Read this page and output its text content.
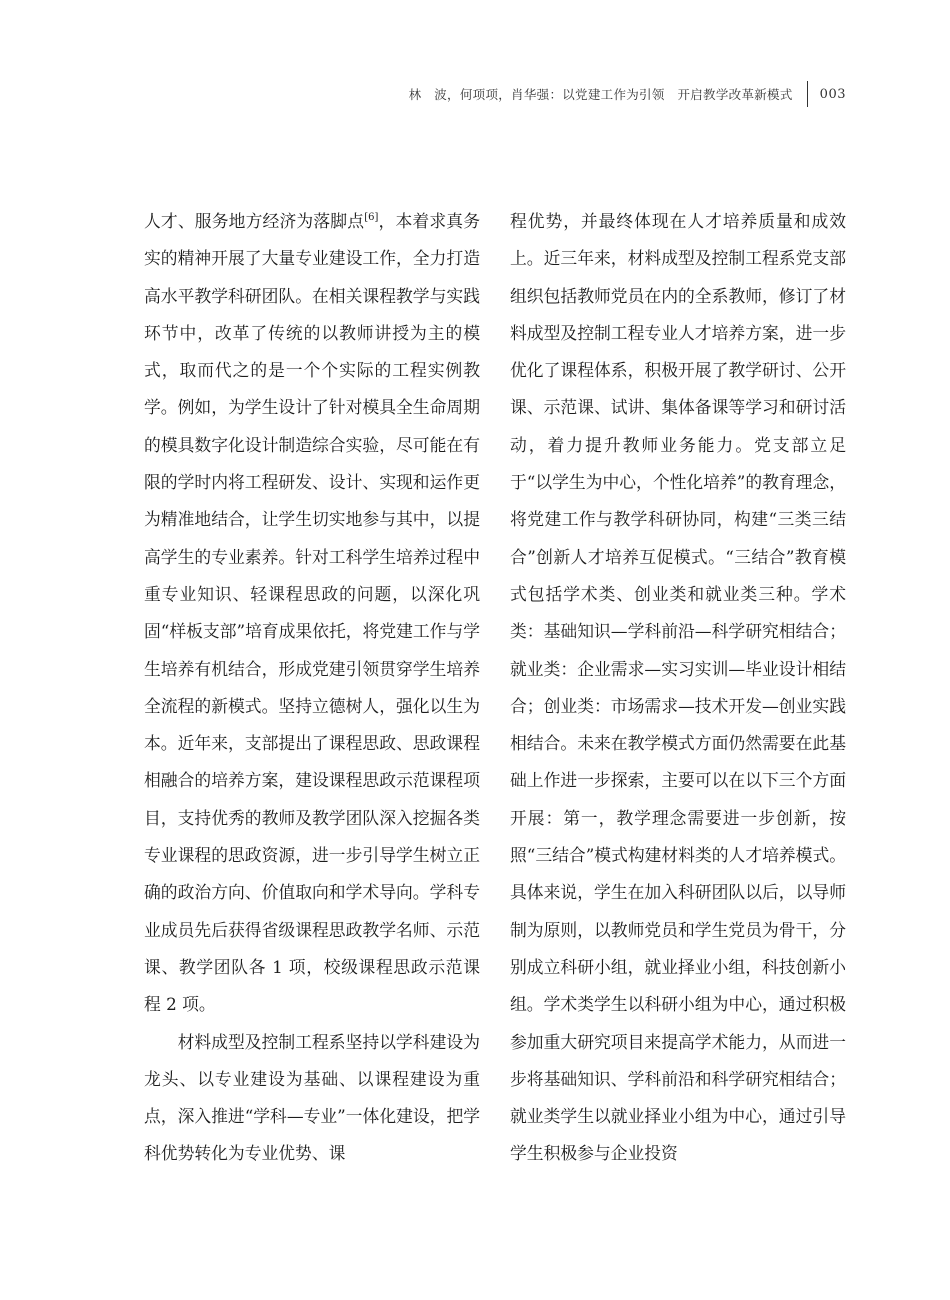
林　波，何项项，肖华强：以党建工作为引领　开启教学改革新模式 003

人才、服务地方经济为落脚点[6]，本着求真务实的精神开展了大量专业建设工作，全力打造高水平教学科研团队。在相关课程教学与实践环节中，改革了传统的以教师讲授为主的模式，取而代之的是一个个实际的工程实例教学。例如，为学生设计了针对模具全生命周期的模具数字化设计制造综合实验，尽可能在有限的学时内将工程研发、设计、实现和运作更为精准地结合，让学生切实地参与其中，以提高学生的专业素养。针对工科学生培养过程中重专业知识、轻课程思政的问题，以深化巩固“样板支部”培育成果依托，将党建工作与学生培养有机结合，形成党建引领贯穿学生培养全流程的新模式。坚持立德树人，强化以生为本。近年来，支部提出了课程思政、思政课程相融合的培养方案，建设课程思政示范课程项目，支持优秀的教师及教学团队深入挖掘各类专业课程的思政资源，进一步引导学生树立正确的政治方向、价值取向和学术导向。学科专业成员先后获得省级课程思政教学名师、示范课、教学团队各 1 项，校级课程思政示范课程 2 项。

材料成型及控制工程系坚持以学科建设为龙头、以专业建设为基础、以课程建设为重点，深入推进“学科—专业”一体化建设，把学科优势转化为专业优势、课

程优势，并最终体现在人才培养质量和成效上。近三年来，材料成型及控制工程系党支部组织包括教师党员在内的全系教师，修订了材料成型及控制工程专业人才培养方案，进一步优化了课程体系，积极开展了教学研讨、公开课、示范课、试讲、集体备课等学习和研讨活动，着力提升教师业务能力。党支部立足于“以学生为中心，个性化培养”的教育理念，将党建工作与教学科研协同，构建“三类三结合”创新人才培养互促模式。“三结合”教育模式包括学术类、创业类和就业类三种。学术类：基础知识—学科前沿—科学研究相结合；就业类：企业需求—实习实训—毕业设计相结合；创业类：市场需求—技术开发—创业实践相结合。未来在教学模式方面仍然需要在此基础上作进一步探索，主要可以在以下三个方面开展：第一，教学理念需要进一步创新，按照“三结合”模式构建材料类的人才培养模式。具体来说，学生在加入科研团队以后，以导师制为原则，以教师党员和学生党员为骨干，分别成立科研小组，就业择业小组，科技创新小组。学术类学生以科研小组为中心，通过积极参加重大研究项目来提高学术能力，从而进一步将基础知识、学科前沿和科学研究相结合；就业类学生以就业择业小组为中心，通过引导学生积极参与企业投资
